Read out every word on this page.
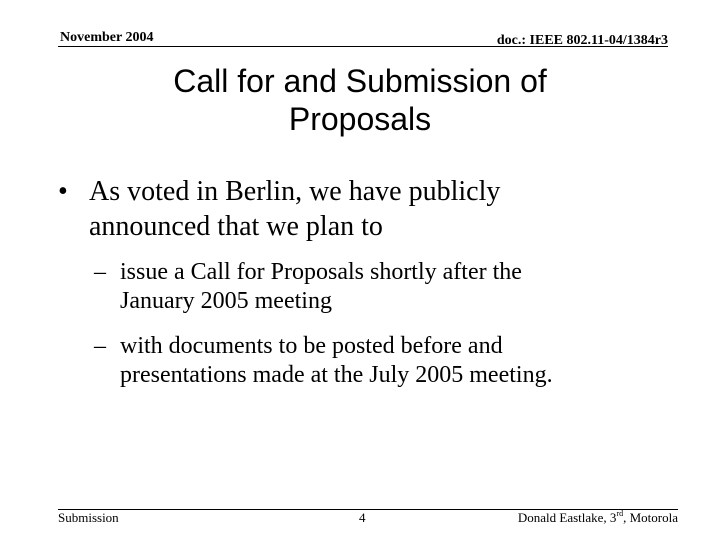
November 2004	doc.: IEEE 802.11-04/1384r3
Call for and Submission of
Proposals
• As voted in Berlin, we have publicly
announced that we plan to
– issue a Call for Proposals shortly after the
January 2005 meeting
– with documents to be posted before and
presentations made at the July 2005 meeting.
Submission	4	Donald Eastlake, 3rd, Motorola
